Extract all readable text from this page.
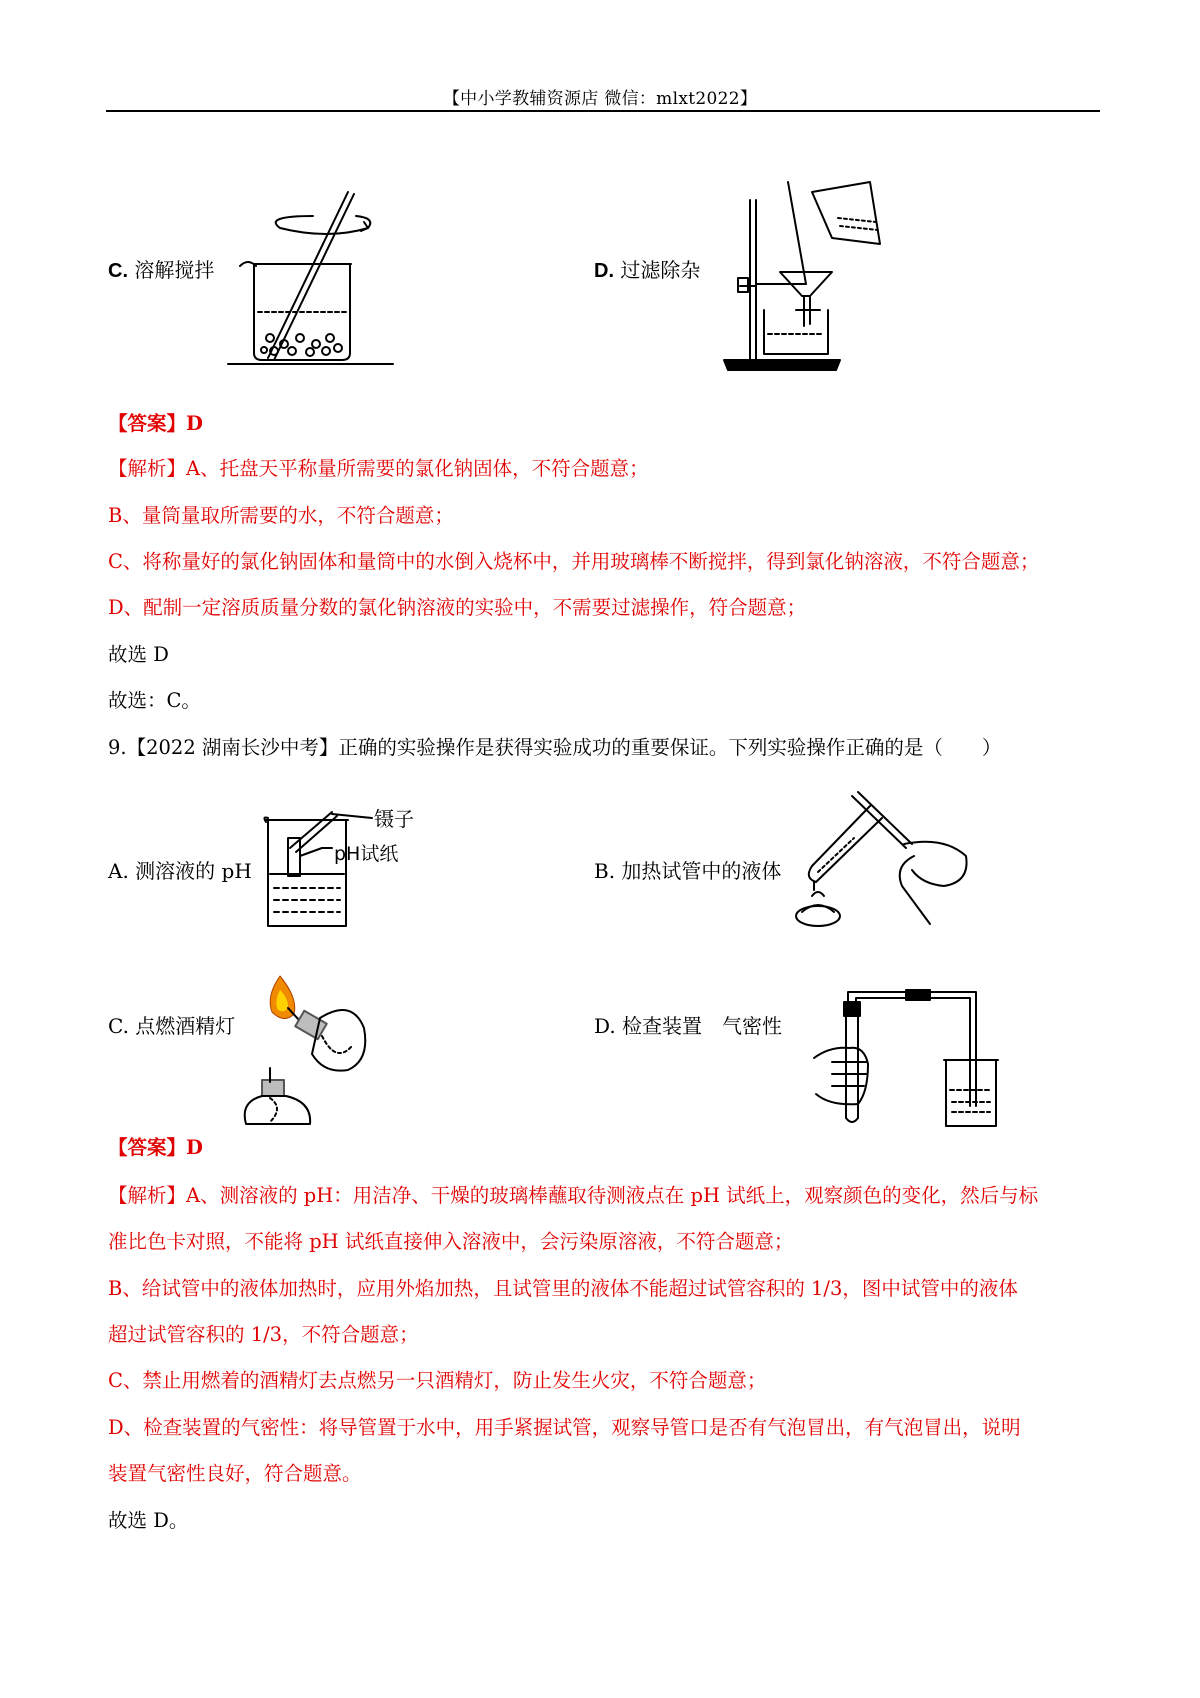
【中小学教辅资源店 微信：mlxt2022】
C. 溶解搅拌	D. 过滤除杂
【答案】D
【解析】A、托盘天平称量所需要的氯化钠固体，不符合题意；
B、量筒量取所需要的水，不符合题意；
C、将称量好的氯化钠固体和量筒中的水倒入烧杯中，并用玻璃棒不断搅拌，得到氯化钠溶液，不符合题意；
D、配制一定溶质质量分数的氯化钠溶液的实验中，不需要过滤操作，符合题意；
故选 D
故选：C。
9.【2022 湖南长沙中考】正确的实验操作是获得实验成功的重要保证。下列实验操作正确的是（　　）
A. 测溶液的 pH
镊子
pH试纸
B. 加热试管中的液体
C. 点燃酒精灯	D. 检查装置　气密性
【答案】D
【解析】A、测溶液的 pH：用洁净、干燥的玻璃棒蘸取待测液点在 pH 试纸上，观察颜色的变化，然后与标
准比色卡对照，不能将 pH 试纸直接伸入溶液中，会污染原溶液，不符合题意；
B、给试管中的液体加热时，应用外焰加热，且试管里的液体不能超过试管容积的 1/3，图中试管中的液体
超过试管容积的 1/3，不符合题意；
C、禁止用燃着的酒精灯去点燃另一只酒精灯，防止发生火灾，不符合题意；
D、检查装置的气密性：将导管置于水中，用手紧握试管，观察导管口是否有气泡冒出，有气泡冒出，说明
装置气密性良好，符合题意。
故选 D。
